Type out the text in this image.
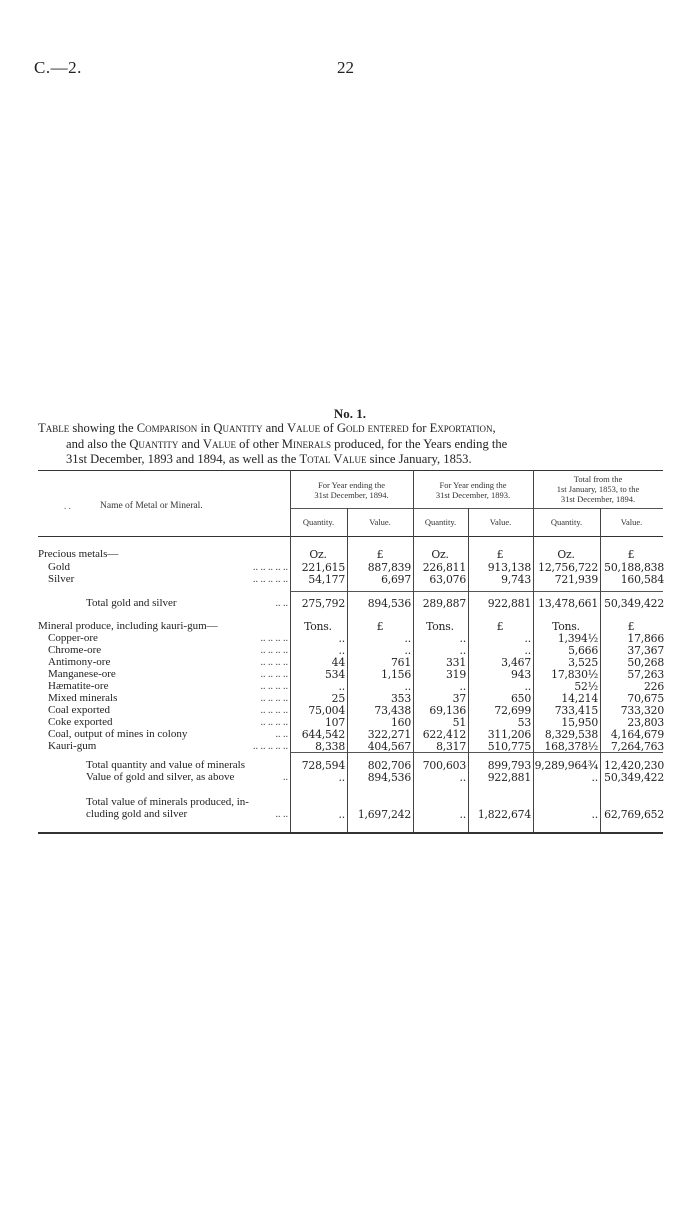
C.—2.	22
No. 1.
Table showing the Comparison in Quantity and Value of Gold entered for Exportation,
and also the Quantity and Value of other Minerals produced, for the Years ending the
31st December, 1893 and 1894, as well as the Total Value since January, 1853.
. .	Name of Metal or Mineral.
For Year ending the
31st December, 1894.
For Year ending the
31st December, 1893.
Total from the
1st January, 1853, to the
31st December, 1894.
Quantity.	Value.	Quantity.	Value.	Quantity.	Value.
Precious metals—	Oz.	£	Oz.	£	Oz.	£
Gold	.. .. .. .. .. 221,615 887,839 226,811 913,138 12,756,722 50,188,838
Silver	.. .. .. .. .. 54,177	6,697 63,076	9,743 721,939 160,584
Total gold and silver	.. .. 275,792 894,536 289,887 922,881 13,478,661 50,349,422
Mineral produce, including kauri-gum—	Tons.	£	Tons.	£	Tons.	£
Copper-ore	.. .. .. ..	..	..	..	.. 1,394½	17,866
Chrome-ore	.. .. .. ..	..	..	..	..	5,666	37,367
Antimony-ore	.. .. .. ..	44	761	331	3,467	3,525	50,268
Manganese-ore	.. .. .. ..	534	1,156	319	943 17,830½	57,263
Hæmatite-ore	.. .. .. ..	..	..	..	..	52½	226
Mixed minerals	.. .. .. ..	25	353	37	650	14,214	70,675
Coal exported	.. .. .. .. 75,004	73,438 69,136	72,699 733,415 733,320
Coke exported	.. .. .. ..	107	160	51	53	15,950	23,803
Coal, output of mines in colony	.. .. 644,542 322,271 622,412 311,206 8,329,538 4,164,679
Kauri-gum	.. .. .. .. ..	8,338 404,567 8,317 510,775 168,378½ 7,264,763
Total quantity and value of minerals	728,594 802,706 700,603 899,793 9,289,964¾ 12,420,230
Value of gold and silver, as above	..	.. 894,536	.. 922,881	.. 50,349,422
Total value of minerals produced, in-
cluding gold and silver	.. ..	.. 1,697,242	.. 1,822,674	.. 62,769,652
